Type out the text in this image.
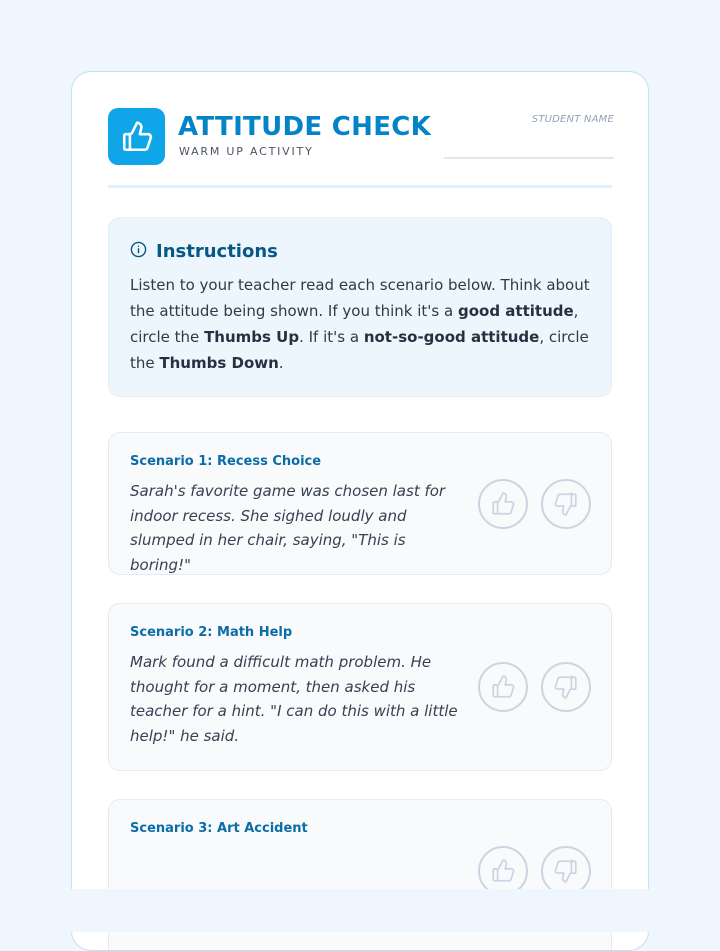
ATTITUDE CHECK
WARM UP ACTIVITY
STUDENT NAME
Instructions

Listen to your teacher read each scenario below. Think about the attitude being shown. If you think it's a good attitude, circle the Thumbs Up. If it's a not-so-good attitude, circle the Thumbs Down.

Scenario 1: Recess Choice
Sarah's favorite game was chosen last for indoor recess. She sighed loudly and slumped in her chair, saying, "This is boring!"
Scenario 2: Math Help
Mark found a difficult math problem. He thought for a moment, then asked his teacher for a hint. "I can do this with a little help!" he said.
Scenario 3: Art Accident
